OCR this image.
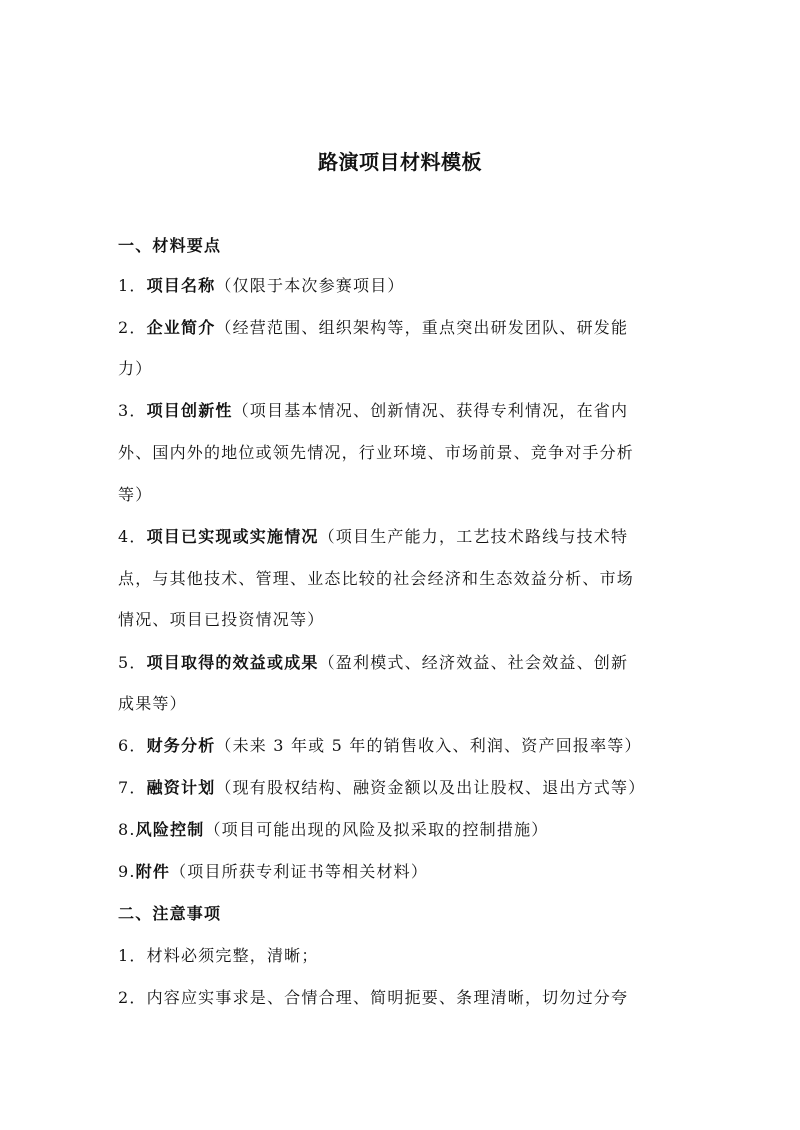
路演项目材料模板
一、材料要点
1．项目名称（仅限于本次参赛项目）
2．企业简介（经营范围、组织架构等，重点突出研发团队、研发能
力）
3．项目创新性（项目基本情况、创新情况、获得专利情况，在省内
外、国内外的地位或领先情况，行业环境、市场前景、竞争对手分析
等）
4．项目已实现或实施情况（项目生产能力，工艺技术路线与技术特
点，与其他技术、管理、业态比较的社会经济和生态效益分析、市场
情况、项目已投资情况等）
5．项目取得的效益或成果（盈利模式、经济效益、社会效益、创新
成果等）
6．财务分析（未来 3 年或 5 年的销售收入、利润、资产回报率等）
7．融资计划（现有股权结构、融资金额以及出让股权、退出方式等）
8.风险控制（项目可能出现的风险及拟采取的控制措施）
9.附件（项目所获专利证书等相关材料）
二、注意事项
1．材料必须完整，清晰；
2．内容应实事求是、合情合理、简明扼要、条理清晰，切勿过分夸
